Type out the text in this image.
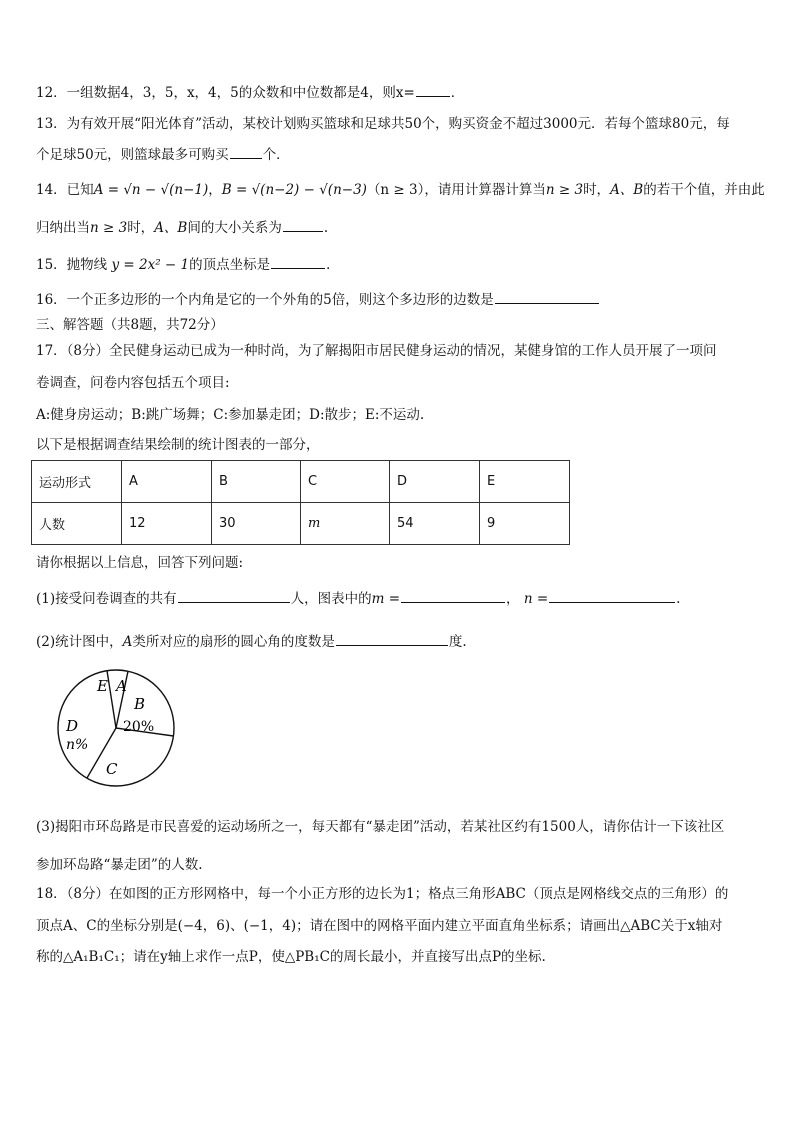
12．一组数据4，3，5，x，4，5的众数和中位数都是4，则x=	．
13．为有效开展“阳光体育”活动，某校计划购买篮球和足球共50个，购买资金不超过3000元．若每个篮球80元，每
个足球50元，则篮球最多可购买	个．
14．已知A = √n − √(n−1)，B = √(n−2) − √(n−3)（n ≥ 3），请用计算器计算当n ≥ 3时，A、B的若干个值，并由此
归纳出当n ≥ 3时，A、B间的大小关系为	.
15．抛物线 y = 2x² − 1的顶点坐标是	．
16．一个正多边形的一个内角是它的一个外角的5倍，则这个多边形的边数是
三、解答题（共8题，共72分）
17．（8分）全民健身运动已成为一种时尚，为了解揭阳市居民健身运动的情况，某健身馆的工作人员开展了一项问
卷调查，问卷内容包括五个项目:
A:健身房运动；B:跳广场舞；C:参加暴走团；D:散步；E:不运动.
以下是根据调查结果绘制的统计图表的一部分，
运动形式	A	B	C	D	E
人数	12	30	m	54	9
请你根据以上信息，回答下列问题:
(1)接受问卷调查的共有	人，图表中的m =	， n =	.
(2)统计图中，A类所对应的扇形的圆心角的度数是	度.
E A
B
20%
D
n%
C
(3)揭阳市环岛路是市民喜爱的运动场所之一，每天都有“暴走团”活动，若某社区约有1500人，请你估计一下该社区
参加环岛路“暴走团”的人数.
18．（8分）在如图的正方形网格中，每一个小正方形的边长为1；格点三角形ABC（顶点是网格线交点的三角形）的
顶点A、C的坐标分别是(−4，6)、(−1，4)；请在图中的网格平面内建立平面直角坐标系；请画出△ABC关于x轴对
称的△A₁B₁C₁；请在y轴上求作一点P，使△PB₁C的周长最小，并直接写出点P的坐标.
